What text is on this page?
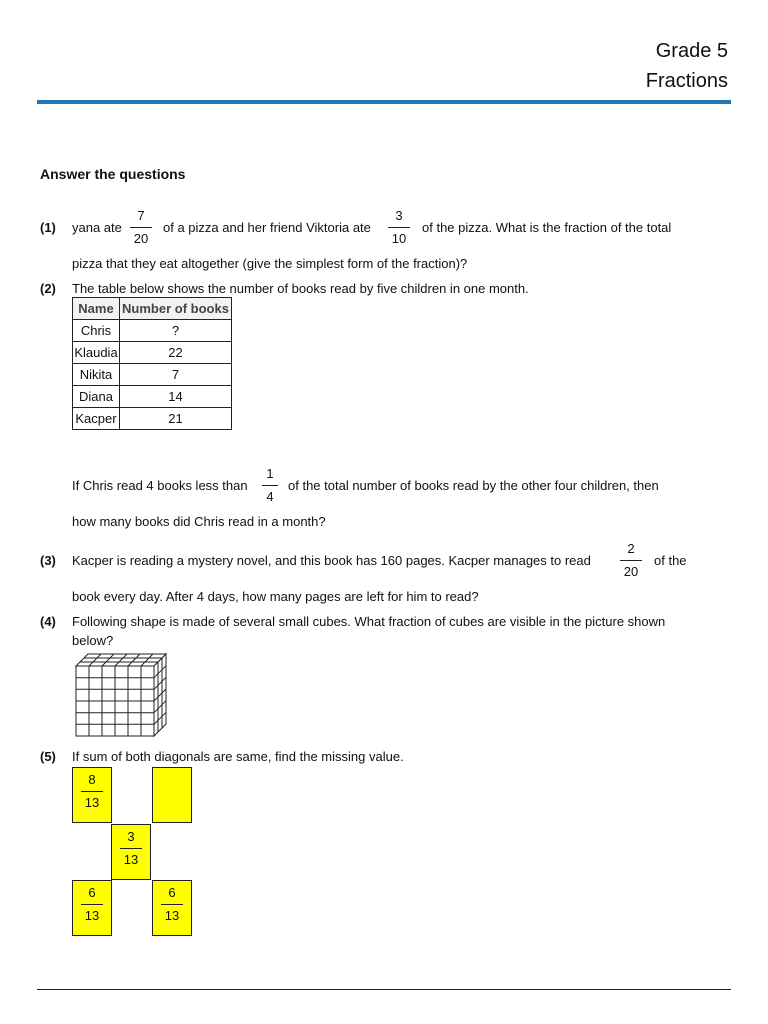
Grade 5
Fractions
Answer the questions
(1) yana ate
7
20
of a pizza and her friend Viktoria ate
3
10
of the pizza. What is the fraction of the total
pizza that they eat altogether (give the simplest form of the fraction)?
(2) The table below shows the number of books read by five children in one month.
Name	Number of books
Chris	?
Klaudia	22
Nikita	7
Diana	14
Kacper	21
If Chris read 4 books less than
1
4
of the total number of books read by the other four children, then
how many books did Chris read in a month?
(3) Kacper is reading a mystery novel, and this book has 160 pages. Kacper manages to read
2
20
of the
book every day. After 4 days, how many pages are left for him to read?
(4) Following shape is made of several small cubes. What fraction of cubes are visible in the picture shown
below?
(5) If sum of both diagonals are same, find the missing value.
8
13
3
13
6
13
6
13
